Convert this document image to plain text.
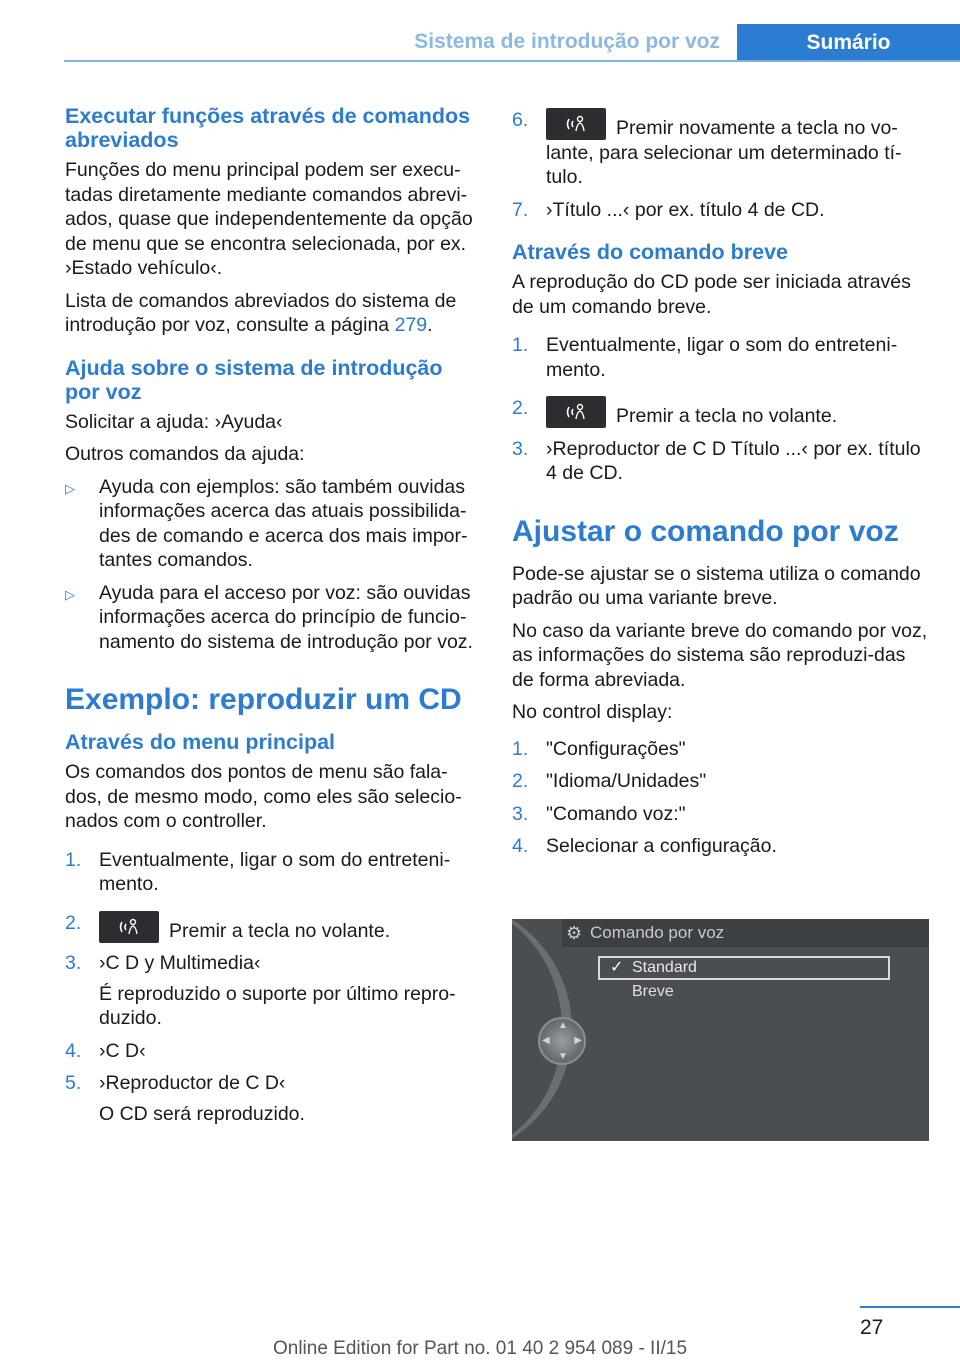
Sistema de introdução por voz	Sumário
Executar funções através de comandos abreviados

Funções do menu principal podem ser execu‐tadas diretamente mediante comandos abrevi‐ados, quase que independentemente da opção de menu que se encontra selecionada, por ex. ›Estado vehículo‹.

Lista de comandos abreviados do sistema de introdução por voz, consulte a página 279.

Ajuda sobre o sistema de introdução por voz

Solicitar a ajuda: ›Ayuda‹

Outros comandos da ajuda:

▷ Ayuda con ejemplos: são também ouvidas informações acerca das atuais possibilida‐des de comando e acerca dos mais impor‐tantes comandos.
▷ Ayuda para el acceso por voz: são ouvidas informações acerca do princípio de funcio‐namento do sistema de introdução por voz.
Exemplo: reproduzir um CD
Através do menu principal

Os comandos dos pontos de menu são fala‐dos, de mesmo modo, como eles são selecio‐nados com o controller.

1. Eventualmente, ligar o som do entreteni‐mento.
2.	Premir a tecla no volante.
3. ›C D y Multimedia‹
É reproduzido o suporte por último repro‐duzido.
4. ›C D‹
5. ›Reproductor de C D‹
O CD será reproduzido.
6.	Premir novamente a tecla no vo‐lante, para selecionar um determinado tí‐tulo.
7. ›Título ...‹ por ex. título 4 de CD.
Através do comando breve

A reprodução do CD pode ser iniciada através de um comando breve.

1. Eventualmente, ligar o som do entreteni‐mento.
2.	Premir a tecla no volante.
3. ›Reproductor de C D Título ...‹ por ex. título 4 de CD.
Ajustar o comando por voz

Pode-se ajustar se o sistema utiliza o comando padrão ou uma variante breve.

No caso da variante breve do comando por voz, as informações do sistema são reproduzi‐das de forma abreviada.

No control display:

1. "Configurações"
2. "Idioma/Unidades"
3. "Comando voz:"
4. Selecionar a configuração.
⚙ Comando por voz
✓ Standard
Breve
▲
▼
◀ ▶
27
Online Edition for Part no. 01 40 2 954 089 - II/15
